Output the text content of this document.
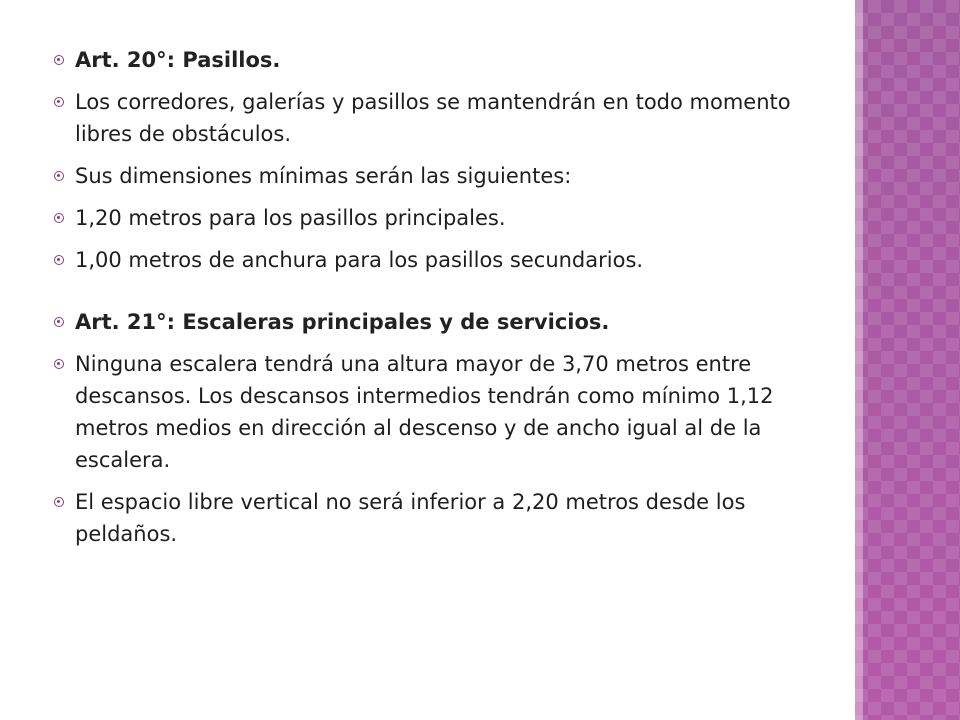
Art. 20°: Pasillos.
Los corredores, galerías y pasillos se mantendrán en todo momento libres de obstáculos.
Sus dimensiones mínimas serán las siguientes:
1,20 metros para los pasillos principales.
1,00 metros de anchura para los pasillos secundarios.
Art. 21°: Escaleras principales y de servicios.
Ninguna escalera tendrá una altura mayor de 3,70 metros entre descansos. Los descansos intermedios tendrán como mínimo 1,12 metros medios en dirección al descenso y de ancho igual al de la escalera.
El espacio libre vertical no será inferior a 2,20 metros desde los peldaños.
